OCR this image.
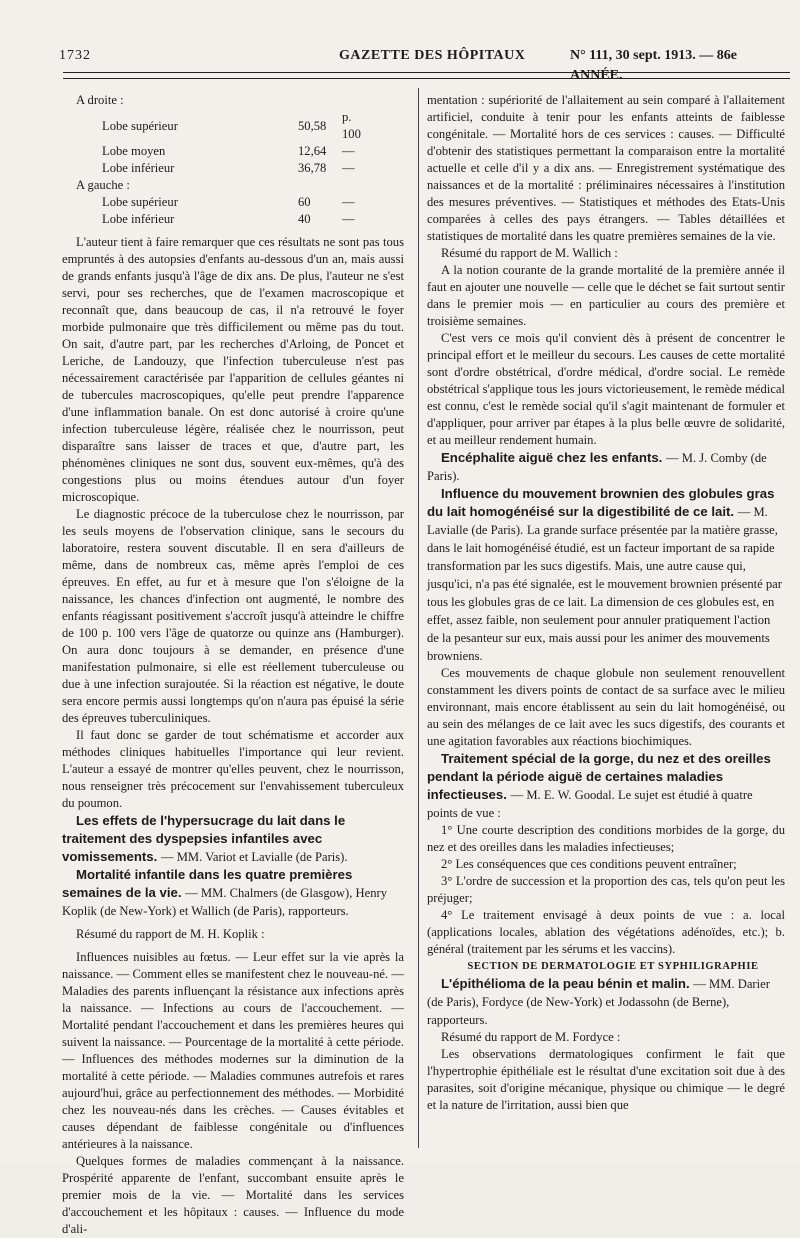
1732	GAZETTE DES HÔPITAUX	N° 111, 30 sept. 1913. — 86e ANNÉE.

A droite :

Lobe supérieur	50,58	p. 100
Lobe moyen	12,64	—
Lobe inférieur	36,78	—

A gauche :

Lobe supérieur	60	—
Lobe inférieur	40	—

L'auteur tient à faire remarquer que ces résultats ne sont pas tous empruntés à des autopsies d'enfants au-dessous d'un an, mais aussi de grands enfants jusqu'à l'âge de dix ans. De plus, l'auteur ne s'est servi, pour ses recherches, que de l'examen macroscopique et reconnaît que, dans beaucoup de cas, il n'a retrouvé le foyer morbide pulmonaire que très difficilement ou même pas du tout. On sait, d'autre part, par les recherches d'Arloing, de Poncet et Leriche, de Landouzy, que l'infection tuberculeuse n'est pas nécessairement caractérisée par l'apparition de cellules géantes ni de tubercules macroscopiques, qu'elle peut prendre l'apparence d'une inflammation banale. On est donc autorisé à croire qu'une infection tuberculeuse légère, réalisée chez le nourrisson, peut disparaître sans laisser de traces et que, d'autre part, les phénomènes cliniques ne sont dus, souvent eux-mêmes, qu'à des congestions plus ou moins étendues autour d'un foyer microscopique.

Le diagnostic précoce de la tuberculose chez le nourrisson, par les seuls moyens de l'observation clinique, sans le secours du laboratoire, restera souvent discutable. Il en sera d'ailleurs de même, dans de nombreux cas, même après l'emploi de ces épreuves. En effet, au fur et à mesure que l'on s'éloigne de la naissance, les chances d'infection ont augmenté, le nombre des enfants réagissant positivement s'accroît jusqu'à atteindre le chiffre de 100 p. 100 vers l'âge de quatorze ou quinze ans (Hamburger). On aura donc toujours à se demander, en présence d'une manifestation pulmonaire, si elle est réellement tuberculeuse ou due à une infection surajoutée. Si la réaction est négative, le doute sera encore permis aussi longtemps qu'on n'aura pas épuisé la série des épreuves tuberculiniques.

Il faut donc se garder de tout schématisme et accorder aux méthodes cliniques habituelles l'importance qui leur revient. L'auteur a essayé de montrer qu'elles peuvent, chez le nourrisson, nous renseigner très précocement sur l'envahissement tuberculeux du poumon.

Les effets de l'hypersucrage du lait dans le traitement des dyspepsies infantiles avec vomissements. — MM. Variot et Lavialle (de Paris).

Mortalité infantile dans les quatre premières semaines de la vie. — MM. Chalmers (de Glasgow), Henry Koplik (de New-York) et Wallich (de Paris), rapporteurs.

Résumé du rapport de M. H. Koplik :

Influences nuisibles au fœtus. — Leur effet sur la vie après la naissance. — Comment elles se manifestent chez le nouveau-né. — Maladies des parents influençant la résistance aux infections après la naissance. — Infections au cours de l'accouchement. — Mortalité pendant l'accouchement et dans les premières heures qui suivent la naissance. — Pourcentage de la mortalité à cette période. — Influences des méthodes modernes sur la diminution de la mortalité à cette période. — Maladies communes autrefois et rares aujourd'hui, grâce au perfectionnement des méthodes. — Morbidité chez les nouveau-nés dans les crèches. — Causes évitables et causes dépendant de faiblesse congénitale ou d'influences antérieures à la naissance.

Quelques formes de maladies commençant à la naissance. Prospérité apparente de l'enfant, succombant ensuite après le premier mois de la vie. — Mortalité dans les services d'accouchement et les hôpitaux : causes. — Influence du mode d'ali-

mentation : supériorité de l'allaitement au sein comparé à l'allaitement artificiel, conduite à tenir pour les enfants atteints de faiblesse congénitale. — Mortalité hors de ces services : causes. — Difficulté d'obtenir des statistiques permettant la comparaison entre la mortalité actuelle et celle d'il y a dix ans. — Enregistrement systématique des naissances et de la mortalité : préliminaires nécessaires à l'institution des mesures préventives. — Statistiques et méthodes des Etats-Unis comparées à celles des pays étrangers. — Tables détaillées et statistiques de mortalité dans les quatre premières semaines de la vie.

Résumé du rapport de M. Wallich :

A la notion courante de la grande mortalité de la première année il faut en ajouter une nouvelle — celle que le déchet se fait surtout sentir dans le premier mois — en particulier au cours des première et troisième semaines.

C'est vers ce mois qu'il convient dès à présent de concentrer le principal effort et le meilleur du secours. Les causes de cette mortalité sont d'ordre obstétrical, d'ordre médical, d'ordre social. Le remède obstétrical s'applique tous les jours victorieusement, le remède médical est connu, c'est le remède social qu'il s'agit maintenant de formuler et d'appliquer, pour arriver par étapes à la plus belle œuvre de solidarité, et au meilleur rendement humain.

Encéphalite aiguë chez les enfants. — M. J. Comby (de Paris).

Influence du mouvement brownien des globules gras du lait homogénéisé sur la digestibilité de ce lait. — M. Lavialle (de Paris). La grande surface présentée par la matière grasse, dans le lait homogénéisé étudié, est un facteur important de sa rapide transformation par les sucs digestifs. Mais, une autre cause qui, jusqu'ici, n'a pas été signalée, est le mouvement brownien présenté par tous les globules gras de ce lait. La dimension de ces globules est, en effet, assez faible, non seulement pour annuler pratiquement l'action de la pesanteur sur eux, mais aussi pour les animer des mouvements browniens.

Ces mouvements de chaque globule non seulement renouvellent constamment les divers points de contact de sa surface avec le milieu environnant, mais encore établissent au sein du lait homogénéisé, ou au sein des mélanges de ce lait avec les sucs digestifs, des courants et une agitation favorables aux réactions biochimiques.

Traitement spécial de la gorge, du nez et des oreilles pendant la période aiguë de certaines maladies infectieuses. — M. E. W. Goodal. Le sujet est étudié à quatre points de vue :

1° Une courte description des conditions morbides de la gorge, du nez et des oreilles dans les maladies infectieuses;

2° Les conséquences que ces conditions peuvent entraîner;

3° L'ordre de succession et la proportion des cas, tels qu'on peut les préjuger;

4° Le traitement envisagé à deux points de vue : a. local (applications locales, ablation des végétations adénoïdes, etc.); b. général (traitement par les sérums et les vaccins).

SECTION DE DERMATOLOGIE ET SYPHILIGRAPHIE

L'épithélioma de la peau bénin et malin. — MM. Darier (de Paris), Fordyce (de New-York) et Jodassohn (de Berne), rapporteurs.

Résumé du rapport de M. Fordyce :

Les observations dermatologiques confirment le fait que l'hypertrophie épithéliale est le résultat d'une excitation soit due à des parasites, soit d'origine mécanique, physique ou chimique — le degré et la nature de l'irritation, aussi bien que
